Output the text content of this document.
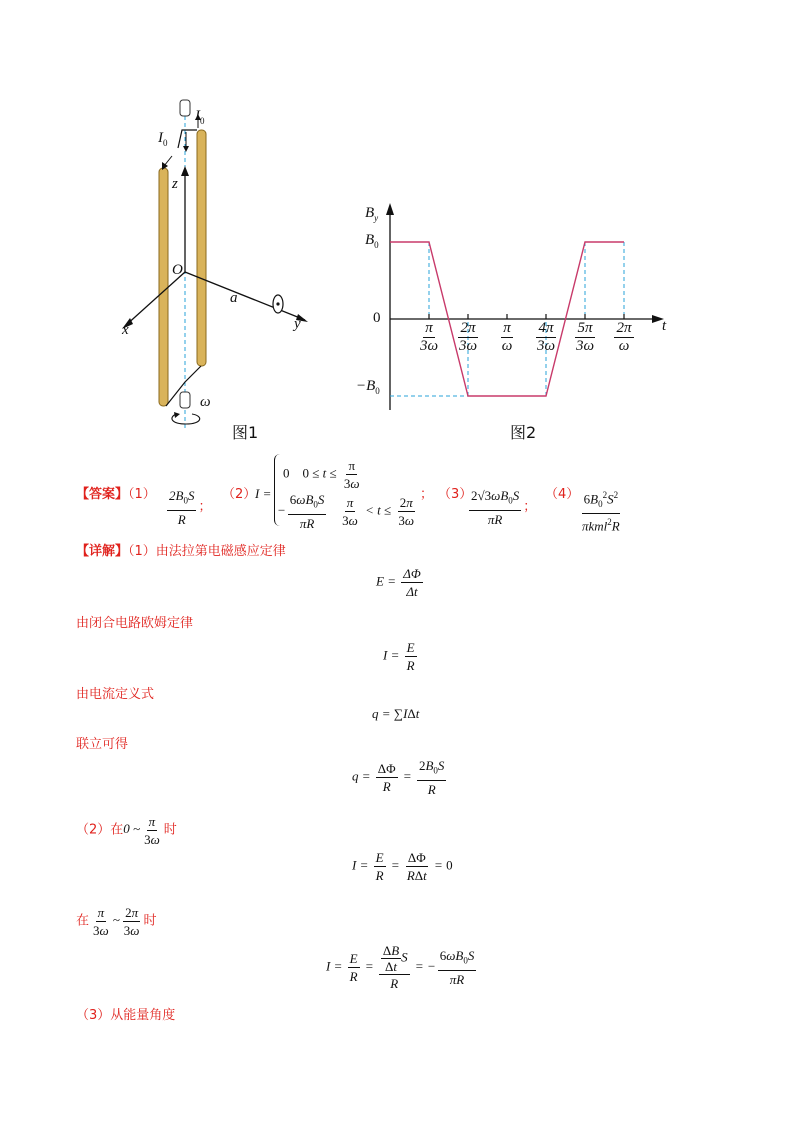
$I_0$
$I_0$
z
O
a
x	y
ω
图1
$B_y$
$B_0$
0
$-B_0$
t
$\frac{\pi}{3\omega} \frac{2\pi}{3\omega} \frac{\pi}{\omega} \frac{4\pi}{3\omega} \frac{5\pi}{3\omega} \frac{2\pi}{\omega}$
图2
【答案】$(1) \frac{2B_0S}{R}$ ；
（2）
I =
0    $0 \le t \le \frac{\pi}{3\omega}$
− $\frac{6\omega B_0S}{\pi R}$
$\frac{\pi}{3\omega} < t \le \frac{2\pi}{3\omega}$
； （3）
$\frac{2√3\omega B_0S}{\pi R}$ ；
$(4) \frac{6B_0^2S^2}{\pi kml^2R}$
【详解】（1）由法拉第电磁感应定律
$E = \frac{\Delta\Phi}{\Delta t}$
由闭合电路欧姆定律
$I = \frac{E}{R}$
由电流定义式
q = ∑IΔt
联立可得
$q = \frac{\Delta\Phi}{R} = \frac{2B_0S}{R}$
（2）在0 ~ $\frac{\pi}{3\omega}$ 时
$I = \frac{E}{R} = \frac{\Delta\Phi}{\text{RΔt}} = 0$
在 $\frac{\pi}{3\omega}$ ~ $\frac{2\pi}{3\omega}$ 时
$I = \frac{E}{R} = \frac{\frac{\Delta B}{\Delta t} S}{R}$ = − $\frac{6\omega B_0S}{\pi R}$
（3）从能量角度
